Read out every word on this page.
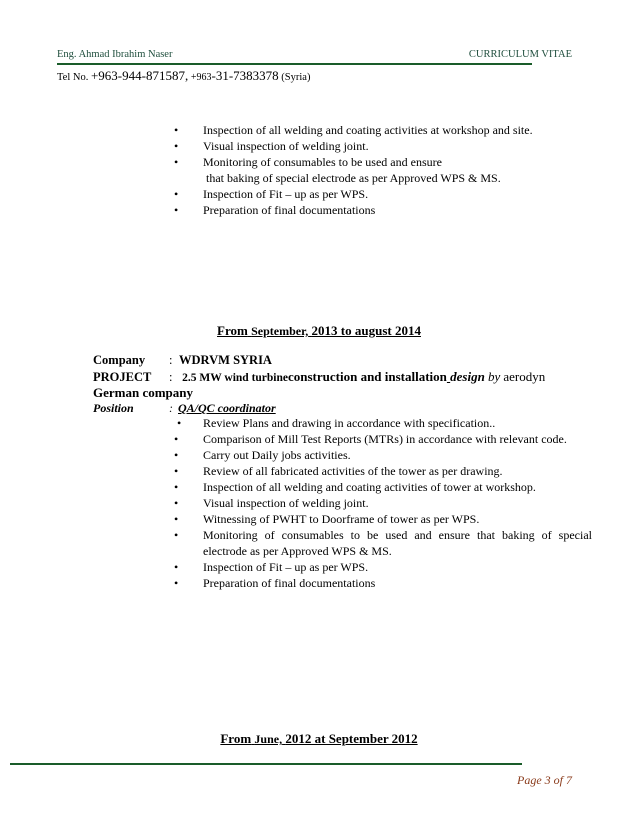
Eng. Ahmad Ibrahim Naser	CURRICULUM VITAE
Tel No. +963-944-871587, +963-31-7383378 (Syria)
• Inspection of all welding and coating activities at workshop and site.
• Visual inspection of welding joint.
• Monitoring of consumables to be used and ensure
that baking of special electrode as per Approved WPS & MS.
• Inspection of Fit – up as per WPS.
• Preparation of final documentations
From September, 2013 to august 2014
Company : WDRVM SYRIA
PROJECT : 2.5 MW wind turbineconstruction and installation design by aerodyn
German company
Position	: QA/QC coordinator
• Review Plans and drawing in accordance with specification..
• Comparison of Mill Test Reports (MTRs) in accordance with relevant code.
• Carry out Daily jobs activities.
• Review of all fabricated activities of the tower as per drawing.
• Inspection of all welding and coating activities of tower at workshop.
• Visual inspection of welding joint.
• Witnessing of PWHT to Doorframe of tower as per WPS.
• Monitoring of consumables to be used and ensure that baking of special
electrode as per Approved WPS & MS.
• Inspection of Fit – up as per WPS.
• Preparation of final documentations
From June, 2012 at September 2012
Page 3 of 7
